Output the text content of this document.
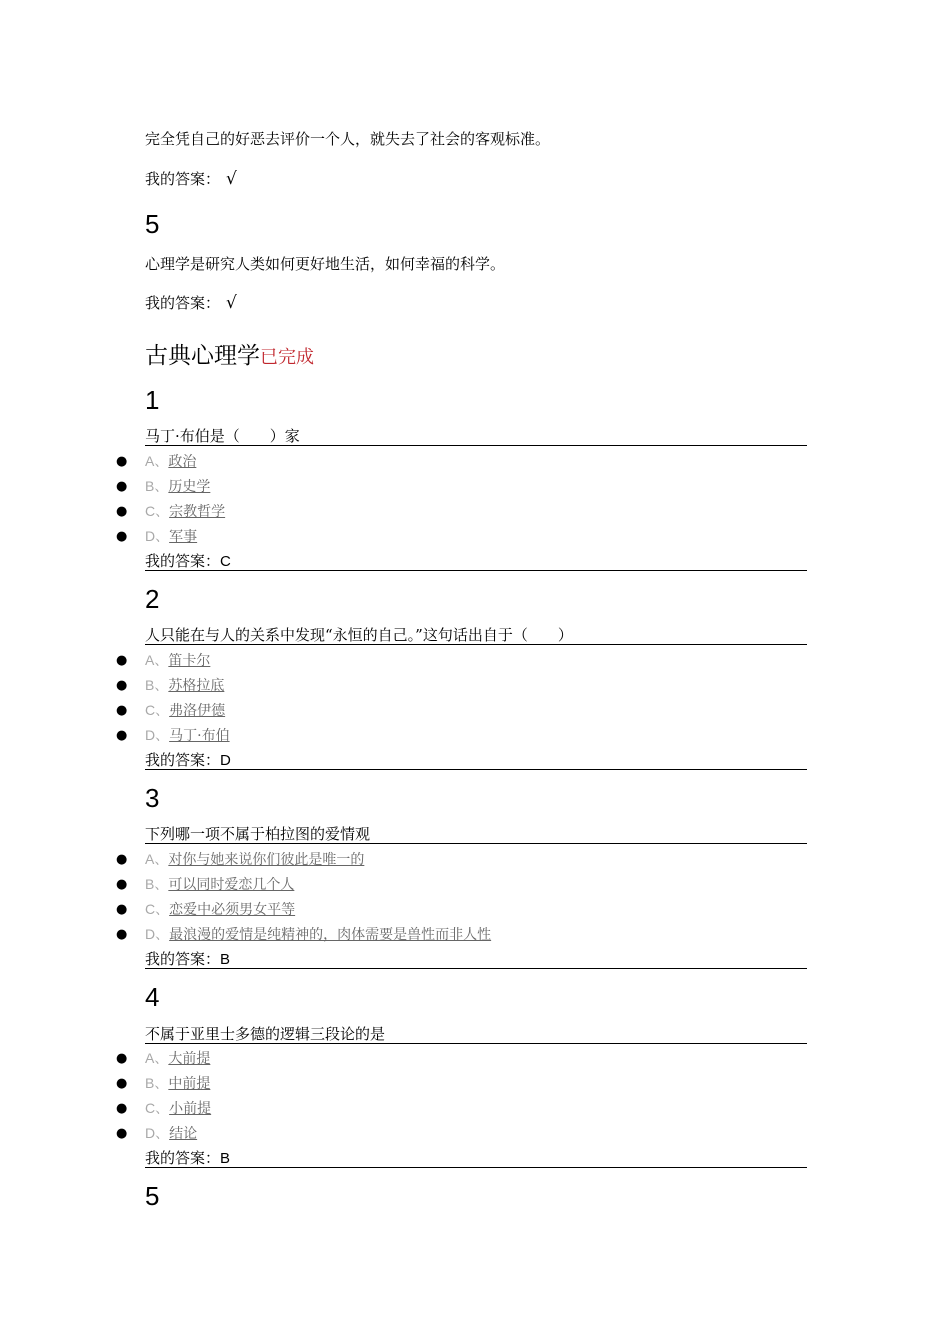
完全凭自己的好恶去评价一个人，就失去了社会的客观标准。
我的答案： √
5
心理学是研究人类如何更好地生活，如何幸福的科学。
我的答案： √
古典心理学已完成
1
马丁·布伯是（　　）家
● A、政治
● B、历史学
● C、宗教哲学
● D、军事
我的答案：C
2
人只能在与人的关系中发现“永恒的自己。”这句话出自于（　　）
● A、笛卡尔
● B、苏格拉底
● C、弗洛伊德
● D、马丁·布伯
我的答案：D
3
下列哪一项不属于柏拉图的爱情观
● A、对你与她来说你们彼此是唯一的
● B、可以同时爱恋几个人
● C、恋爱中必须男女平等
● D、最浪漫的爱情是纯精神的，肉体需要是兽性而非人性
我的答案：B
4
不属于亚里士多德的逻辑三段论的是
● A、大前提
● B、中前提
● C、小前提
● D、结论
我的答案：B
5
